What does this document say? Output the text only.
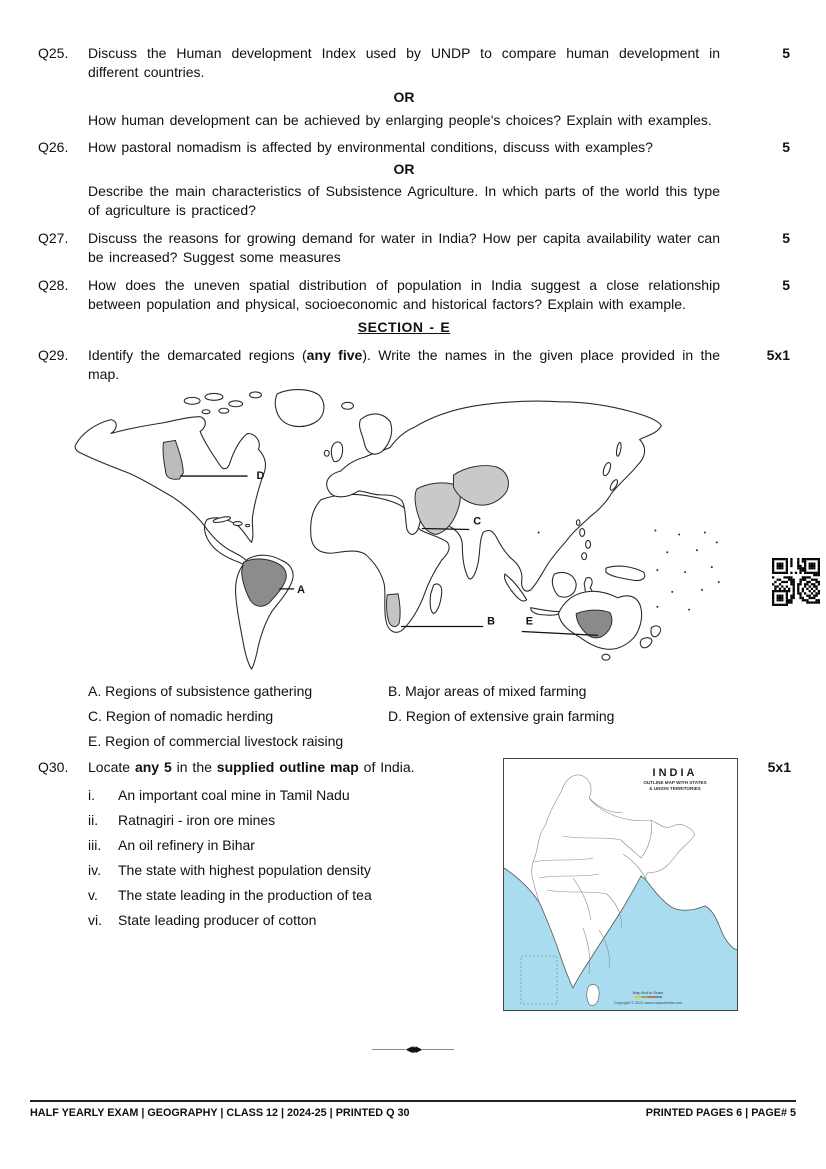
Q25.	Discuss the Human development Index used by UNDP to compare human development in different countries.
5
OR
How human development can be achieved by enlarging people's choices? Explain with examples.
Q26.	How pastoral nomadism is affected by environmental conditions, discuss with examples?	5
OR
Describe the main characteristics of Subsistence Agriculture. In which parts of the world this type of agriculture is practiced?
Q27.	Discuss the reasons for growing demand for water in India? How per capita availability water can be increased? Suggest some measures
5
Q28.	How does the uneven spatial distribution of population in India suggest a close relationship between population and physical, socioeconomic and historical factors? Explain with example.
5
SECTION - E
Q29.	Identify the demarcated regions (any five). Write the names in the given place provided in the map.
5x1
D
A
C
B	E
A. Regions of subsistence gathering	B. Major areas of mixed farming
C. Region of nomadic herding	D. Region of extensive grain farming
E. Region of commercial livestock raising
Q30.	Locate any 5 in the supplied outline map of India.
i.	An important coal mine in Tamil Nadu
ii.	Ratnagiri - iron ore mines
iii.	An oil refinery in Bihar
iv.	The state with highest population density
v.	The state leading in the production of tea
vi.	State leading producer of cotton
INDIA
OUTLINE MAP WITH STATES
& UNION TERRITORIES
Map Not to Scale
Copyright © 2021 www.mapsofindia.com
5x1
◀◆▶
HALF YEARLY EXAM | GEOGRAPHY | CLASS 12 | 2024-25 | PRINTED Q 30	PRINTED PAGES 6 | PAGE# 5
